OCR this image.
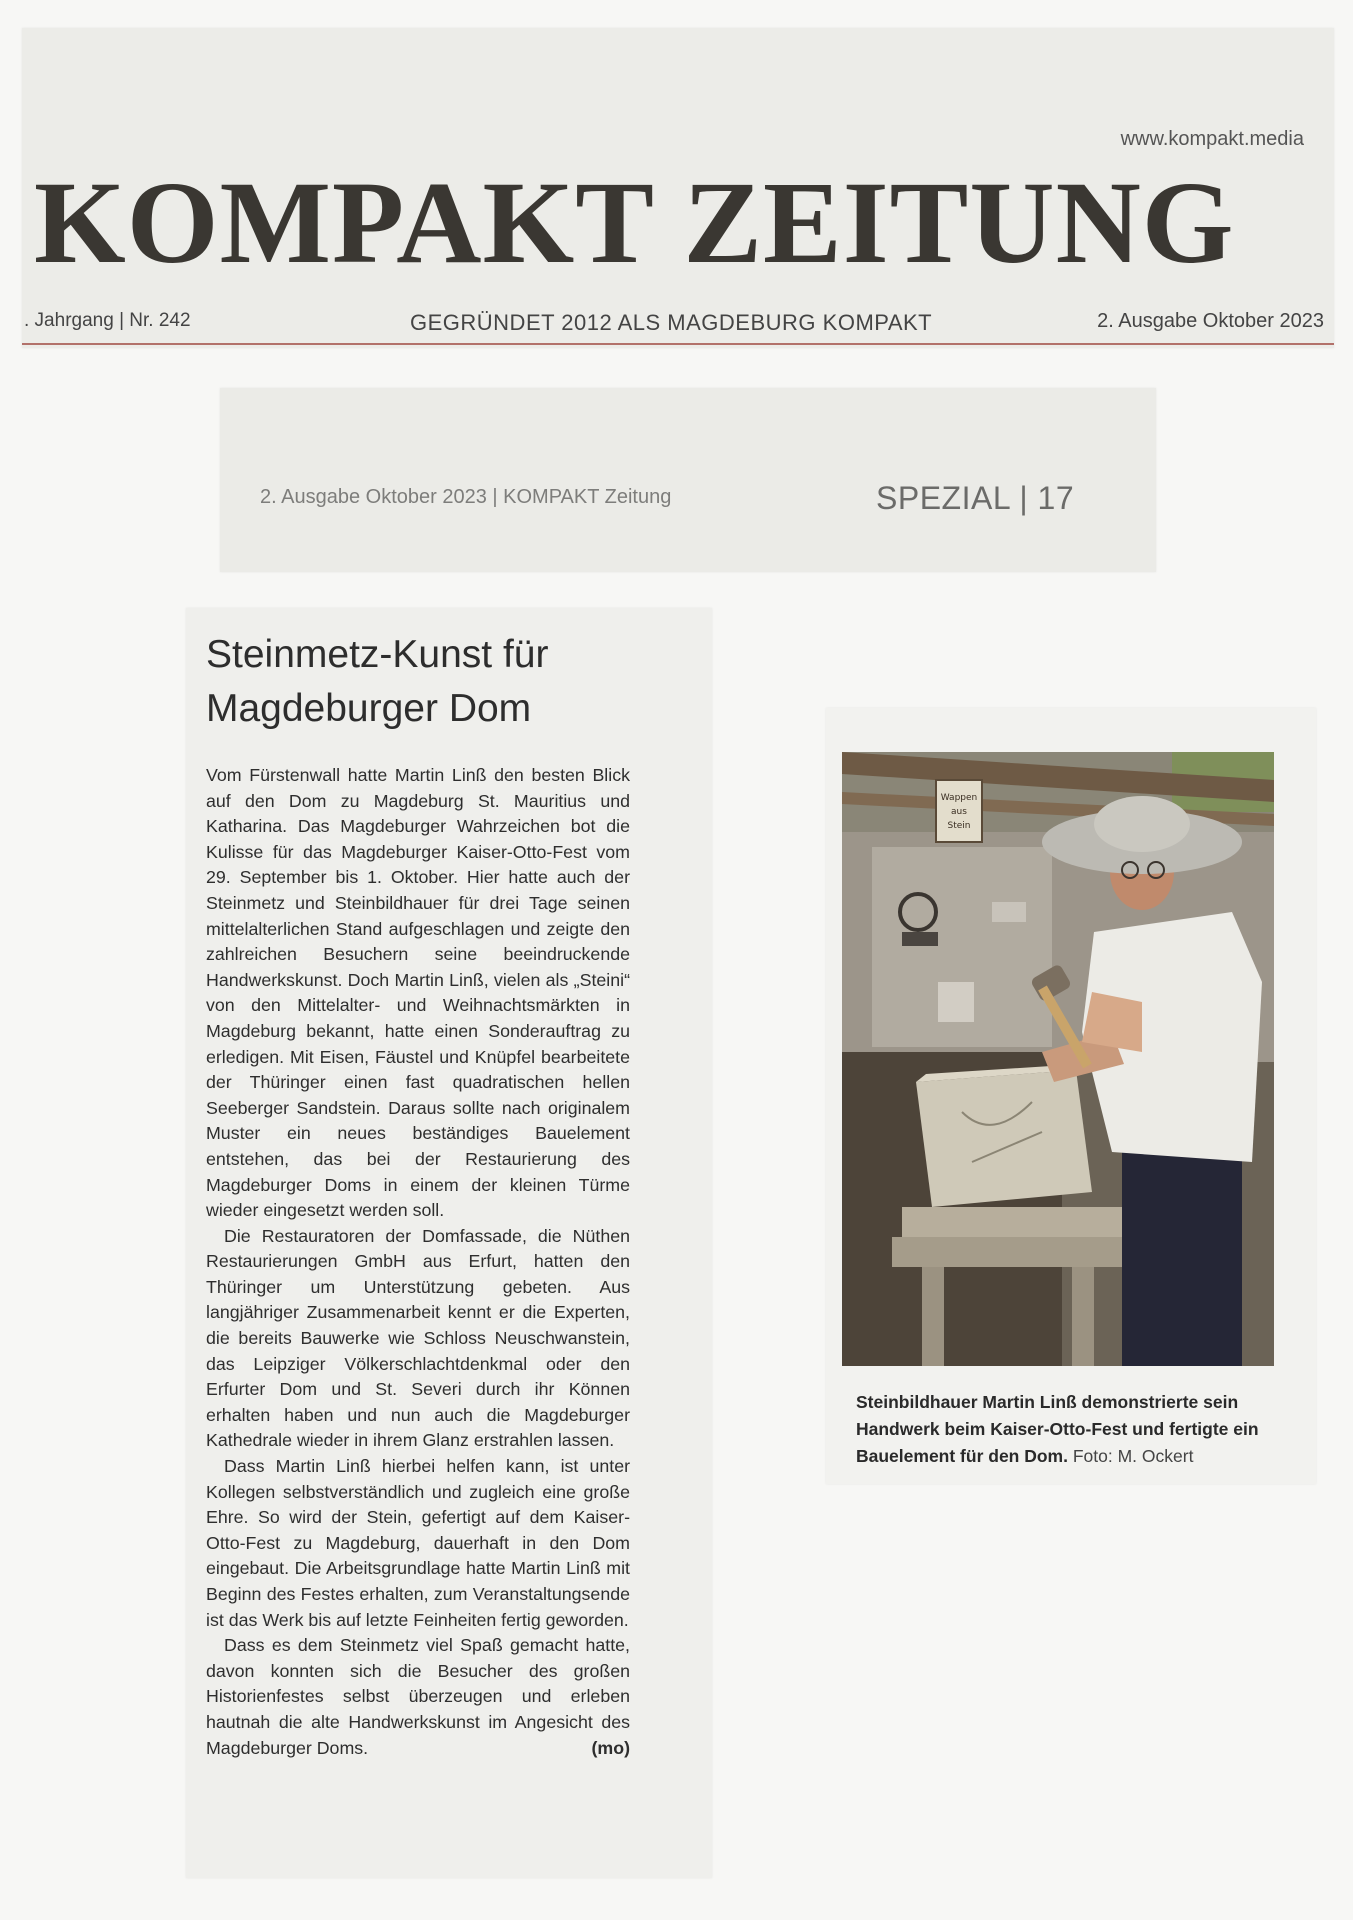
www.kompakt.media
KOMPAKT ZEITUNG
. Jahrgang | Nr. 242	GEGRÜNDET 2012 ALS MAGDEBURG KOMPAKT	2. Ausgabe Oktober 2023
2. Ausgabe Oktober 2023 | KOMPAKT Zeitung	SPEZIAL | 17
Steinmetz-Kunst für
Magdeburger Dom

Vom Fürstenwall hatte Martin Linß den besten Blick auf den Dom zu Magdeburg St. Mauritius und Katharina. Das Magdeburger Wahrzeichen bot die Kulisse für das Magdeburger Kaiser-Otto-Fest vom 29. September bis 1. Oktober. Hier hatte auch der Steinmetz und Steinbildhauer für drei Tage seinen mittelalterlichen Stand aufgeschlagen und zeigte den zahlreichen Besuchern seine beeindruckende Handwerkskunst. Doch Martin Linß, vielen als „Steini“ von den Mittelalter- und Weihnachtsmärkten in Magdeburg bekannt, hatte einen Sonderauftrag zu erledigen. Mit Eisen, Fäustel und Knüpfel bearbeitete der Thüringer einen fast quadratischen hellen Seeberger Sandstein. Daraus sollte nach originalem Muster ein neues beständiges Bauelement entstehen, das bei der Restaurierung des Magdeburger Doms in einem der kleinen Türme wieder eingesetzt werden soll.

Die Restauratoren der Domfassade, die Nüthen Restaurierungen GmbH aus Erfurt, hatten den Thüringer um Unterstützung gebeten. Aus langjähriger Zusammenarbeit kennt er die Experten, die bereits Bauwerke wie Schloss Neuschwanstein, das Leipziger Völkerschlachtdenkmal oder den Erfurter Dom und St. Severi durch ihr Können erhalten haben und nun auch die Magdeburger Kathedrale wieder in ihrem Glanz erstrahlen lassen.

Dass Martin Linß hierbei helfen kann, ist unter Kollegen selbstverständlich und zugleich eine große Ehre. So wird der Stein, gefertigt auf dem Kaiser-Otto-Fest zu Magdeburg, dauerhaft in den Dom eingebaut. Die Arbeitsgrundlage hatte Martin Linß mit Beginn des Festes erhalten, zum Veranstaltungsende ist das Werk bis auf letzte Feinheiten fertig geworden.

Dass es dem Steinmetz viel Spaß gemacht hatte, davon konnten sich die Besucher des großen Historienfestes selbst überzeugen und erleben hautnah die alte Handwerkskunst im Angesicht des Magdeburger Doms.	(mo)

Wappen
aus
Stein
Steinbildhauer Martin Linß demonstrierte sein Handwerk beim Kaiser-Otto-Fest und fertigte ein Bauelement für den Dom. Foto: M. Ockert
